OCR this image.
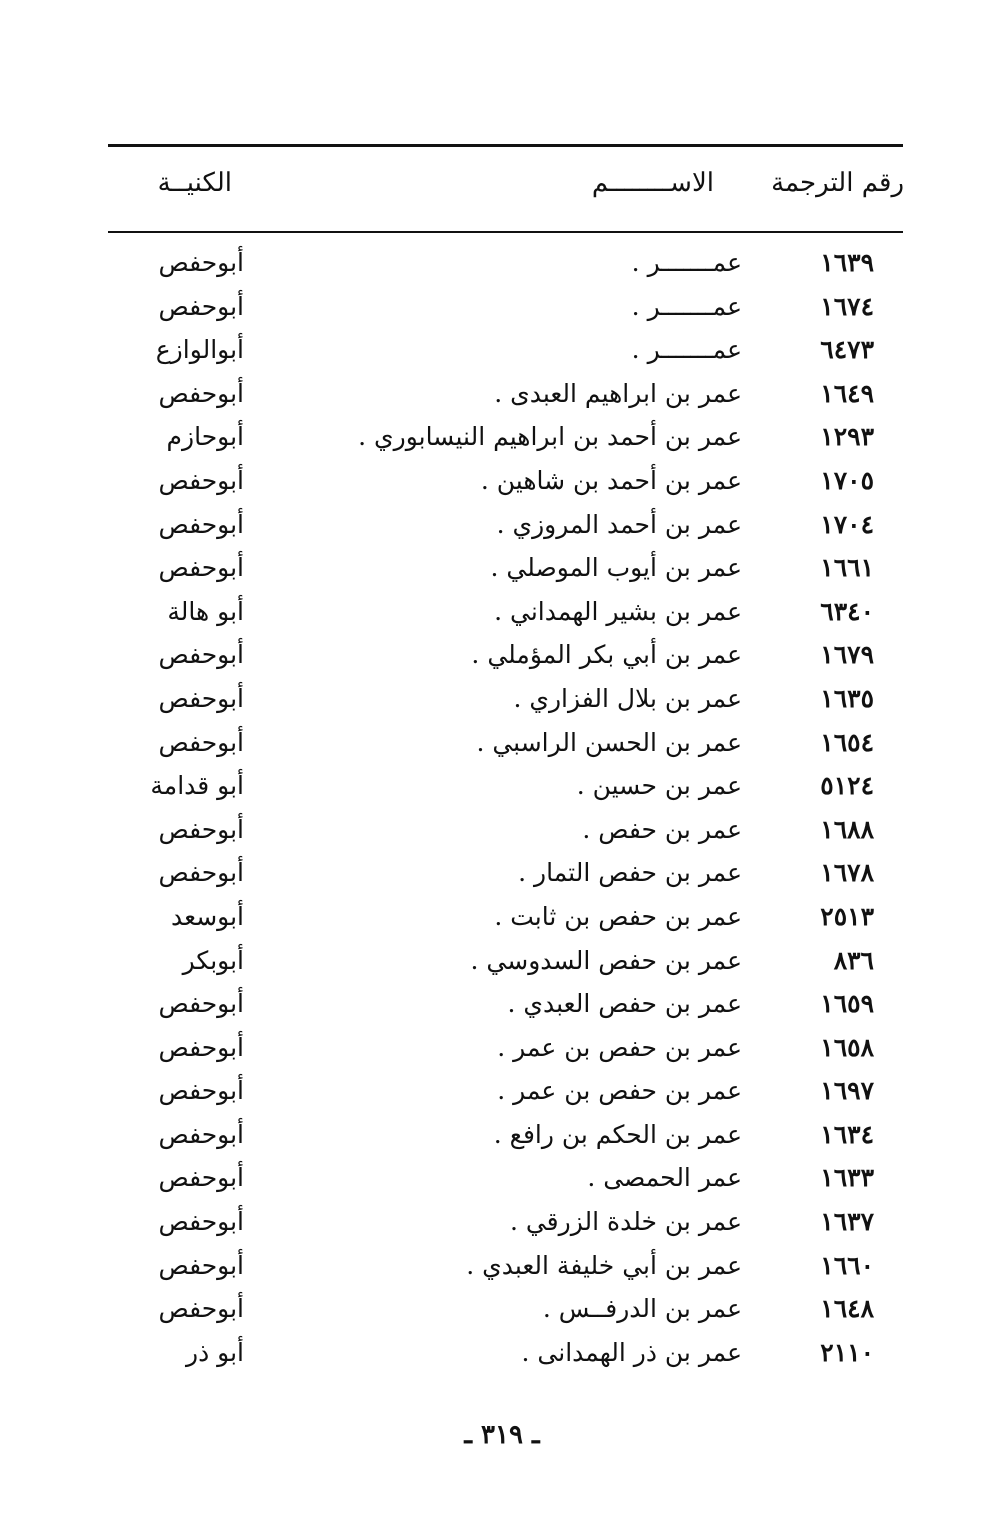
رقم الترجمة
الاســــــــم
الكنيــة
١٦٣٩
عمـــــــر .
أبوحفص
١٦٧٤
عمـــــــر .
أبوحفص
٦٤٧٣
عمـــــــر .
أبوالوازع
١٦٤٩
عمر بن ابراهيم العبدى .
أبوحفص
١٢٩٣
عمر بن أحمد بن ابراهيم النيسابوري .
أبوحازم
١٧٠٥
عمر بن أحمد بن شاهين .
أبوحفص
١٧٠٤
عمر بن أحمد المروزي .
أبوحفص
١٦٦١
عمر بن أيوب الموصلي .
أبوحفص
٦٣٤٠
عمر بن بشير الهمداني .
أبو هالة
١٦٧٩
عمر بن أبي بكر المؤملي .
أبوحفص
١٦٣٥
عمر بن بلال الفزاري .
أبوحفص
١٦٥٤
عمر بن الحسن الراسبي .
أبوحفص
٥١٢٤
عمر بن حسين .
أبو قدامة
١٦٨٨
عمر بن حفص .
أبوحفص
١٦٧٨
عمر بن حفص التمار .
أبوحفص
٢٥١٣
عمر بن حفص بن ثابت .
أبوسعد
٨٣٦
عمر بن حفص السدوسي .
أبوبكر
١٦٥٩
عمر بن حفص العبدي .
أبوحفص
١٦٥٨
عمر بن حفص بن عمر .
أبوحفص
١٦٩٧
عمر بن حفص بن عمر .
أبوحفص
١٦٣٤
عمر بن الحكم بن رافع .
أبوحفص
١٦٣٣
عمر الحمصى .
أبوحفص
١٦٣٧
عمر بن خلدة الزرقي .
أبوحفص
١٦٦٠
عمر بن أبي خليفة العبدي .
أبوحفص
١٦٤٨
عمر بن الدرفــس .
أبوحفص
٢١١٠
عمر بن ذر الهمدانى .
أبو ذر
ـ ٣١٩ ـ
